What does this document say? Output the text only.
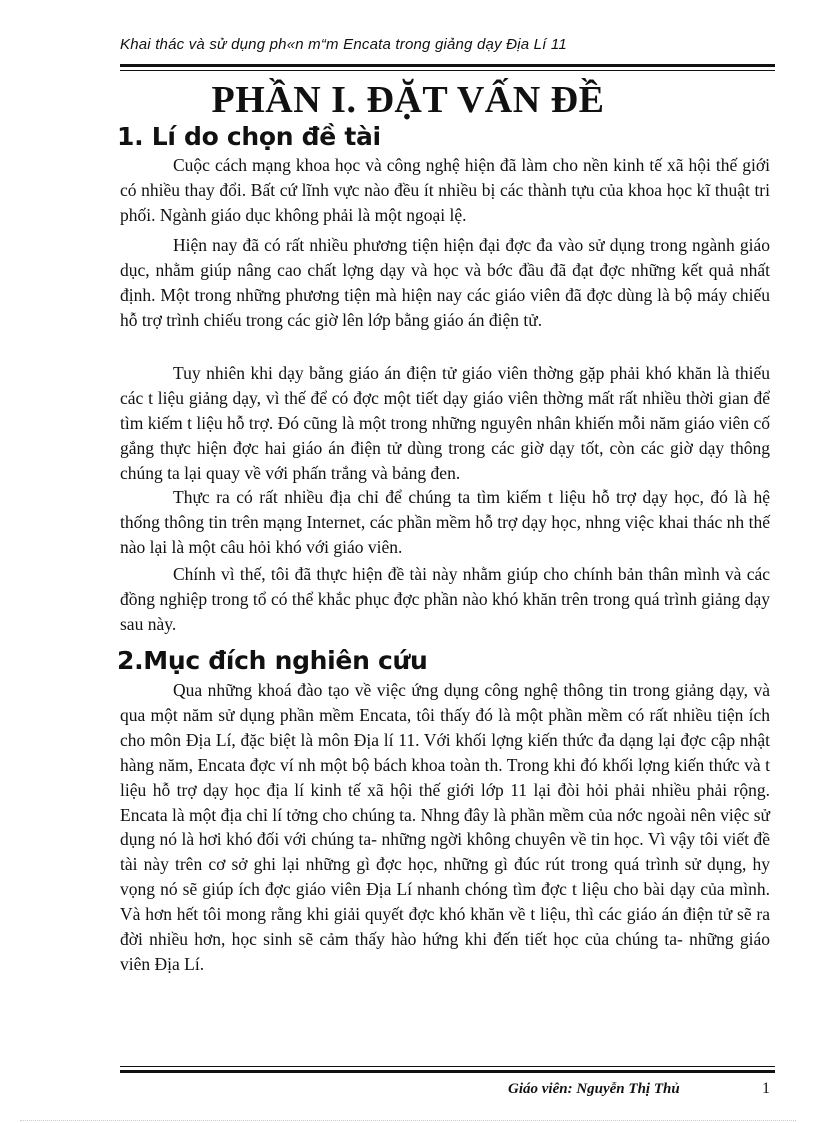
Khai thác và sử dụng ph«n m“m Encata trong giảng dạy Địa Lí 11
PHẦN I. ĐẶT VẤN ĐỀ
1. Lí do chọn đề tài

Cuộc cách mạng khoa học và công nghệ hiện đã làm cho nền kinh tế xã hội thế giới có nhiều thay đổi. Bất cứ lĩnh vực nào đều ít nhiều bị các thành tựu của khoa học kĩ thuật tri phối. Ngành giáo dục không phải là một ngoại lệ.

Hiện nay đã có rất nhiều phương tiện hiện đại đợc đa vào sử dụng trong ngành giáo dục, nhằm giúp nâng cao chất lợng dạy và học và bớc đầu đã đạt đợc những kết quả nhất định. Một trong những phương tiện mà hiện nay các giáo viên đã đợc dùng là bộ máy chiếu hỗ trợ trình chiếu trong các giờ lên lớp bằng giáo án điện tử.

Tuy nhiên khi dạy bằng giáo án điện tử giáo viên thờng gặp phải khó khăn là thiếu các t liệu giảng dạy, vì thế để có đợc một tiết dạy giáo viên thờng mất rất nhiều thời gian để tìm kiếm t liệu hỗ trợ. Đó cũng là một trong những nguyên nhân khiến mỗi năm giáo viên cố gắng thực hiện đợc hai giáo án điện tử dùng trong các giờ dạy tốt, còn các giờ dạy thông chúng ta lại quay về với phấn trắng và bảng đen.

Thực ra có rất nhiều địa chỉ để chúng ta tìm kiếm t liệu hỗ trợ dạy học, đó là hệ thống thông tin trên mạng Internet, các phần mềm hỗ trợ dạy học, nhng việc khai thác nh thế nào lại là một câu hỏi khó với giáo viên.

Chính vì thế, tôi đã thực hiện đề tài này nhằm giúp cho chính bản thân mình và các đồng nghiệp trong tổ có thể khắc phục đợc phần nào khó khăn trên trong quá trình giảng dạy sau này.

2.Mục đích nghiên cứu

Qua những khoá đào tạo về việc ứng dụng công nghệ thông tin trong giảng dạy, và qua một năm sử dụng phần mềm Encata, tôi thấy đó là một phần mềm có rất nhiều tiện ích cho môn Địa Lí, đặc biệt là môn Địa lí 11. Với khối lợng kiến thức đa dạng lại đợc cập nhật hàng năm, Encata đợc ví nh một bộ bách khoa toàn th. Trong khi đó khối lợng kiến thức và t liệu hỗ trợ dạy học địa lí kinh tế xã hội thế giới lớp 11 lại đòi hỏi phải nhiều phải rộng. Encata là một địa chỉ lí tởng cho chúng ta. Nhng đây là phần mềm của nớc ngoài nên việc sử dụng nó là hơi khó đối với chúng ta- những ngời không chuyên về tin học. Vì vậy tôi viết đề tài này trên cơ sở ghi lại những gì đợc học, những gì đúc rút trong quá trình sử dụng, hy vọng nó sẽ giúp ích đợc giáo viên Địa Lí nhanh chóng tìm đợc t liệu cho bài dạy của mình. Và hơn hết tôi mong rằng khi giải quyết đợc khó khăn về t liệu, thì các giáo án điện tử sẽ ra đời nhiều hơn, học sinh sẽ cảm thấy hào hứng khi đến tiết học của chúng ta- những giáo viên Địa Lí.

Giáo viên: Nguyễn Thị Thủ	1
